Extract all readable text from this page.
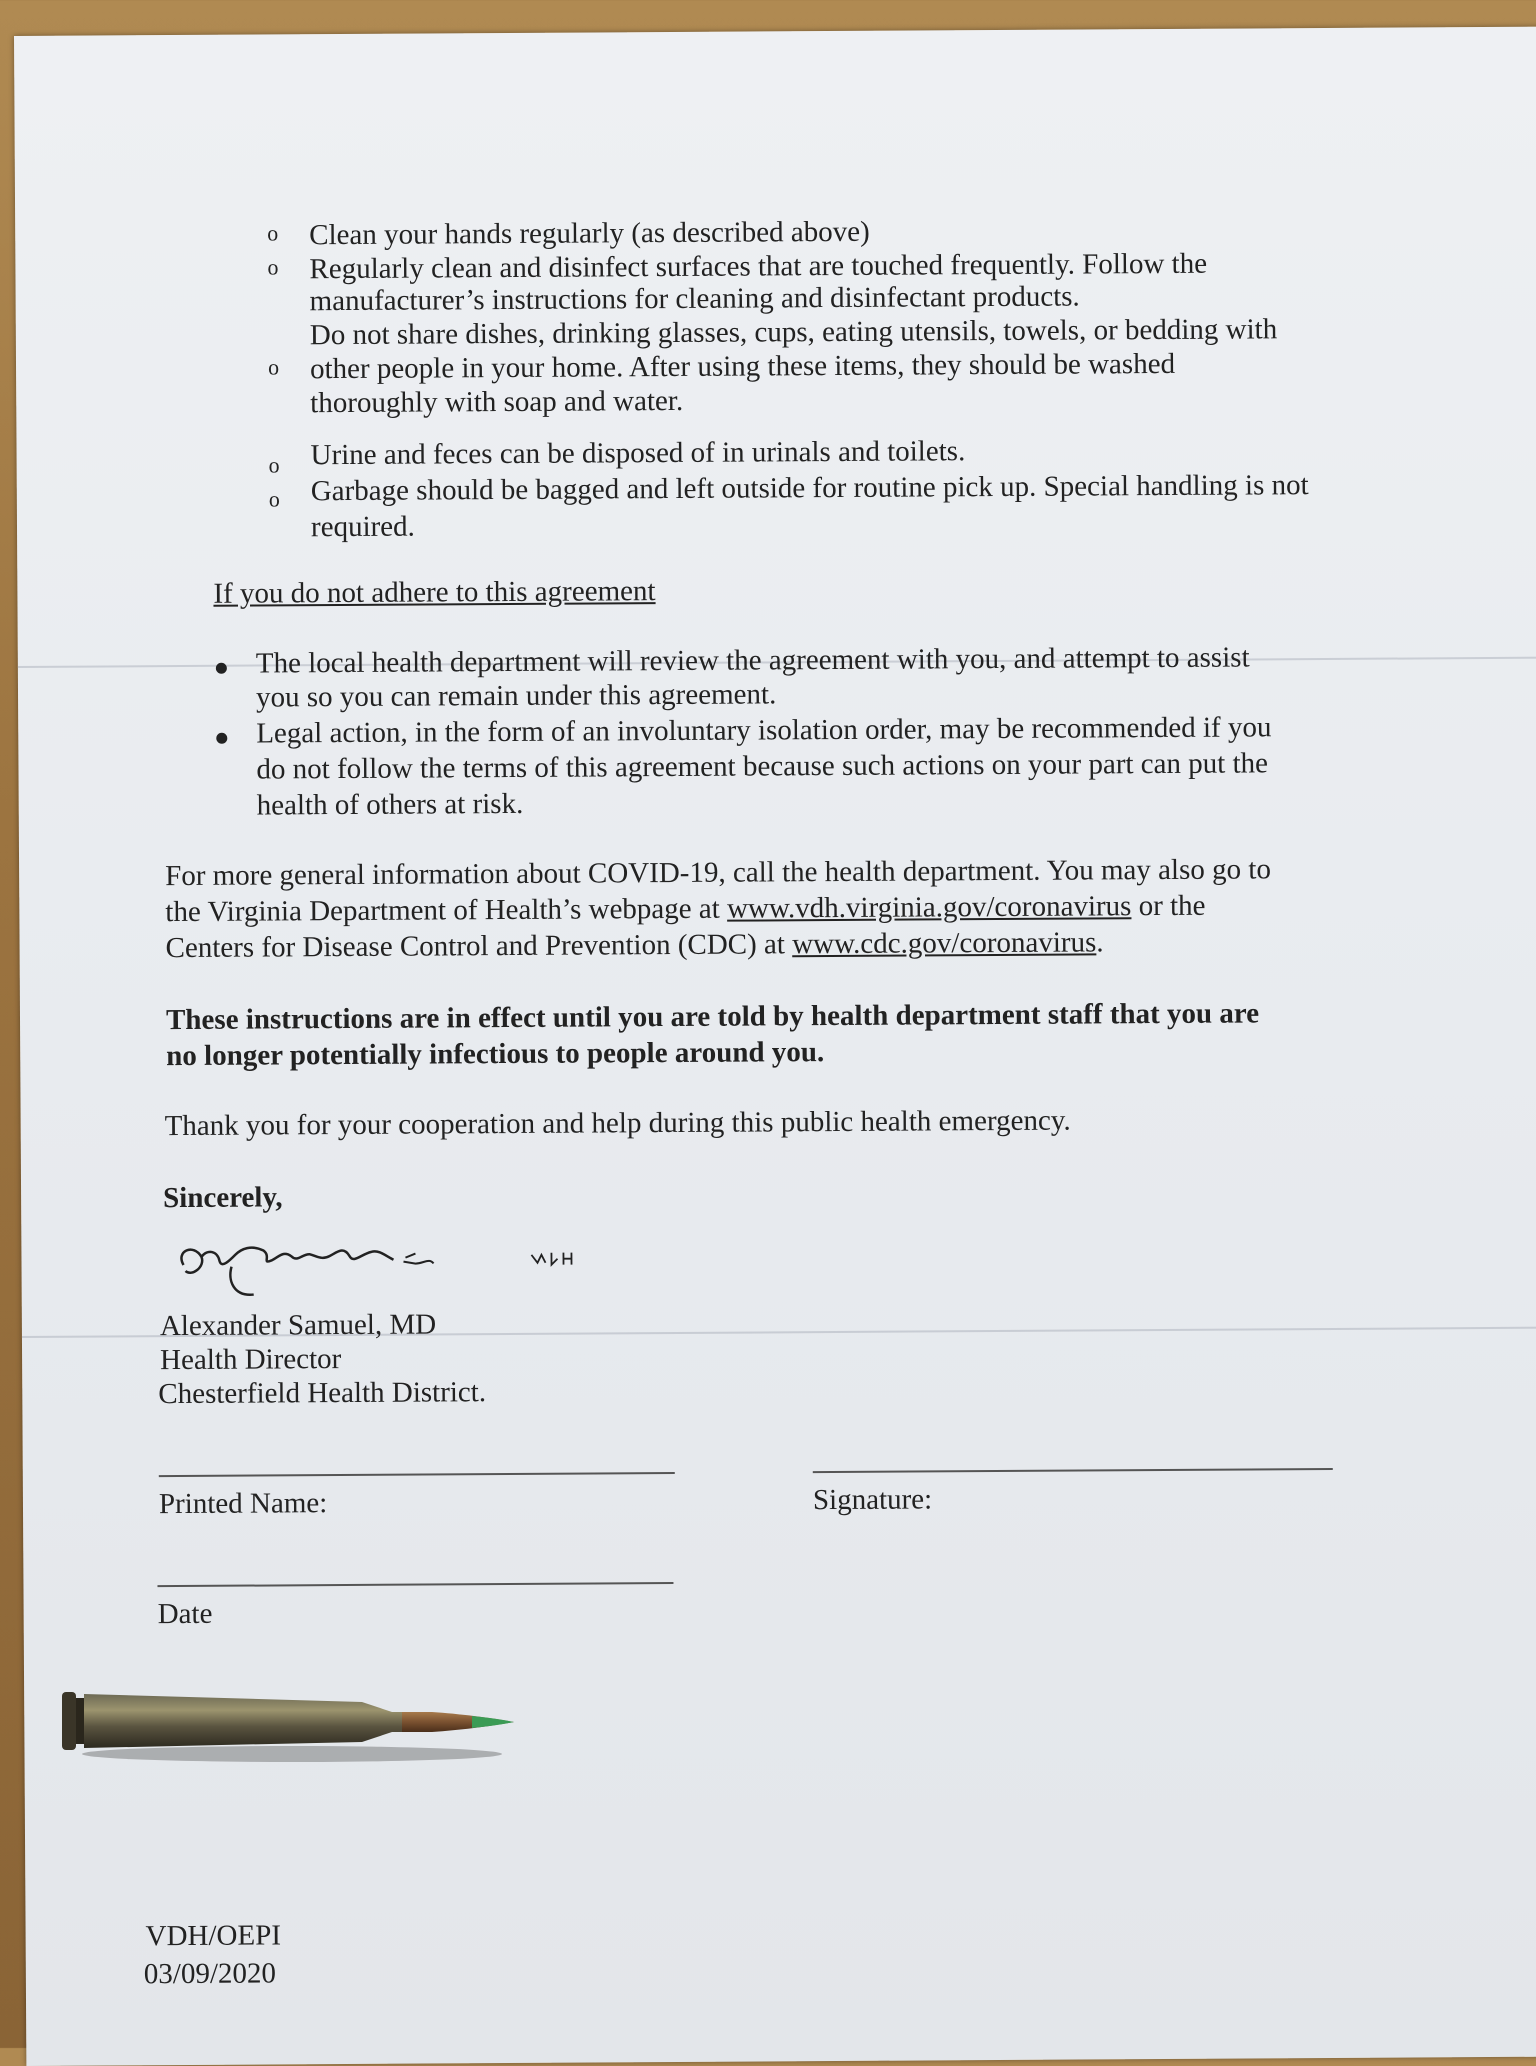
o Clean your hands regularly (as described above)
o Regularly clean and disinfect surfaces that are touched frequently. Follow the
manufacturer’s instructions for cleaning and disinfectant products.
o
Do not share dishes, drinking glasses, cups, eating utensils, towels, or bedding with
other people in your home. After using these items, they should be washed
thoroughly with soap and water.
o Urine and feces can be disposed of in urinals and toilets.
o Garbage should be bagged and left outside for routine pick up. Special handling is not
required.
If you do not adhere to this agreement
The local health department will review the agreement with you, and attempt to assist
you so you can remain under this agreement.
Legal action, in the form of an involuntary isolation order, may be recommended if you
do not follow the terms of this agreement because such actions on your part can put the
health of others at risk.
For more general information about COVID-19, call the health department. You may also go to
the Virginia Department of Health’s webpage at www.vdh.virginia.gov/coronavirus or the
Centers for Disease Control and Prevention (CDC) at www.cdc.gov/coronavirus.
These instructions are in effect until you are told by health department staff that you are
no longer potentially infectious to people around you.
Thank you for your cooperation and help during this public health emergency.
Sincerely,
Alexander Samuel, MD
Health Director
Chesterfield Health District.
Printed Name:	Signature:
Date
VDH/OEPI
03/09/2020
